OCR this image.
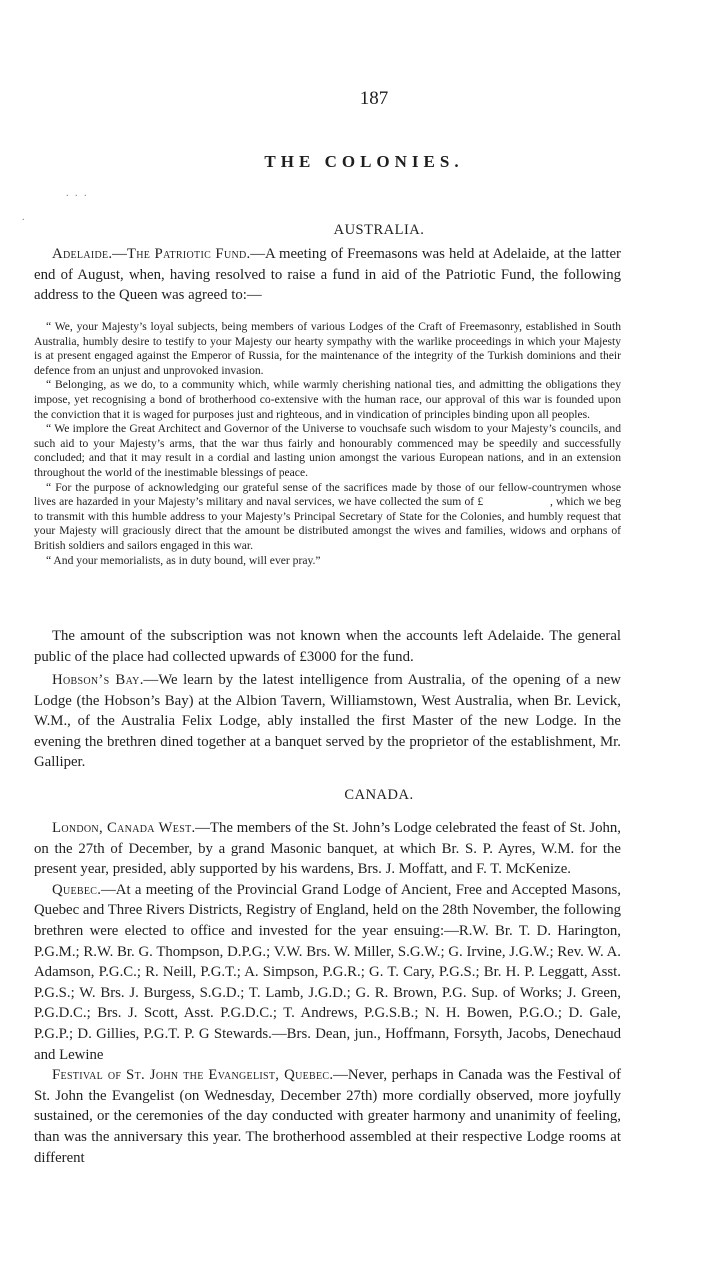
187
THE COLONIES.
. . .
.
AUSTRALIA.

Adelaide.—The Patriotic Fund.—A meeting of Freemasons was held at Adelaide, at the latter end of August, when, having resolved to raise a fund in aid of the Patriotic Fund, the following address to the Queen was agreed to:—

“ We, your Majesty’s loyal subjects, being members of various Lodges of the Craft of Freemasonry, established in South Australia, humbly desire to testify to your Majesty our hearty sympathy with the warlike proceedings in which your Majesty is at present engaged against the Emperor of Russia, for the maintenance of the integrity of the Turkish dominions and their defence from an unjust and unprovoked invasion.

“ Belonging, as we do, to a community which, while warmly cherishing national ties, and admitting the obligations they impose, yet recognising a bond of brotherhood co-extensive with the human race, our approval of this war is founded upon the conviction that it is waged for purposes just and righteous, and in vindication of principles binding upon all peoples.

“ We implore the Great Architect and Governor of the Universe to vouchsafe such wisdom to your Majesty’s councils, and such aid to your Majesty’s arms, that the war thus fairly and honourably commenced may be speedily and successfully concluded; and that it may result in a cordial and lasting union amongst the various European nations, and in an extension throughout the world of the inestimable blessings of peace.

“ For the purpose of acknowledging our grateful sense of the sacrifices made by those of our fellow-countrymen whose lives are hazarded in your Majesty’s military and naval services, we have collected the sum of £                     , which we beg to transmit with this humble address to your Majesty’s Principal Secretary of State for the Colonies, and humbly request that your Majesty will graciously direct that the amount be distributed amongst the wives and families, widows and orphans of British soldiers and sailors engaged in this war.

“ And your memorialists, as in duty bound, will ever pray.”

The amount of the subscription was not known when the accounts left Adelaide. The general public of the place had collected upwards of £3000 for the fund.

Hobson’s Bay.—We learn by the latest intelligence from Australia, of the opening of a new Lodge (the Hobson’s Bay) at the Albion Tavern, Williamstown, West Australia, when Br. Levick, W.M., of the Australia Felix Lodge, ably installed the first Master of the new Lodge. In the evening the brethren dined together at a banquet served by the proprietor of the establishment, Mr. Galliper.

CANADA.

London, Canada West.—The members of the St. John’s Lodge celebrated the feast of St. John, on the 27th of December, by a grand Masonic banquet, at which Br. S. P. Ayres, W.M. for the present year, presided, ably supported by his wardens, Brs. J. Moffatt, and F. T. McKenize.

Quebec.—At a meeting of the Provincial Grand Lodge of Ancient, Free and Accepted Masons, Quebec and Three Rivers Districts, Registry of England, held on the 28th November, the following brethren were elected to office and invested for the year ensuing:—R.W. Br. T. D. Harington, P.G.M.; R.W. Br. G. Thompson, D.P.G.; V.W. Brs. W. Miller, S.G.W.; G. Irvine, J.G.W.; Rev. W. A. Adamson, P.G.C.; R. Neill, P.G.T.; A. Simpson, P.G.R.; G. T. Cary, P.G.S.; Br. H. P. Leggatt, Asst. P.G.S.; W. Brs. J. Burgess, S.G.D.; T. Lamb, J.G.D.; G. R. Brown, P.G. Sup. of Works; J. Green, P.G.D.C.; Brs. J. Scott, Asst. P.G.D.C.; T. Andrews, P.G.S.B.; N. H. Bowen, P.G.O.; D. Gale, P.G.P.; D. Gillies, P.G.T. P. G Stewards.—Brs. Dean, jun., Hoffmann, Forsyth, Jacobs, Denechaud and Lewine

Festival of St. John the Evangelist, Quebec.—Never, perhaps in Canada was the Festival of St. John the Evangelist (on Wednesday, December 27th) more cordially observed, more joyfully sustained, or the ceremonies of the day conducted with greater harmony and unanimity of feeling, than was the anniversary this year. The brotherhood assembled at their respective Lodge rooms at different
